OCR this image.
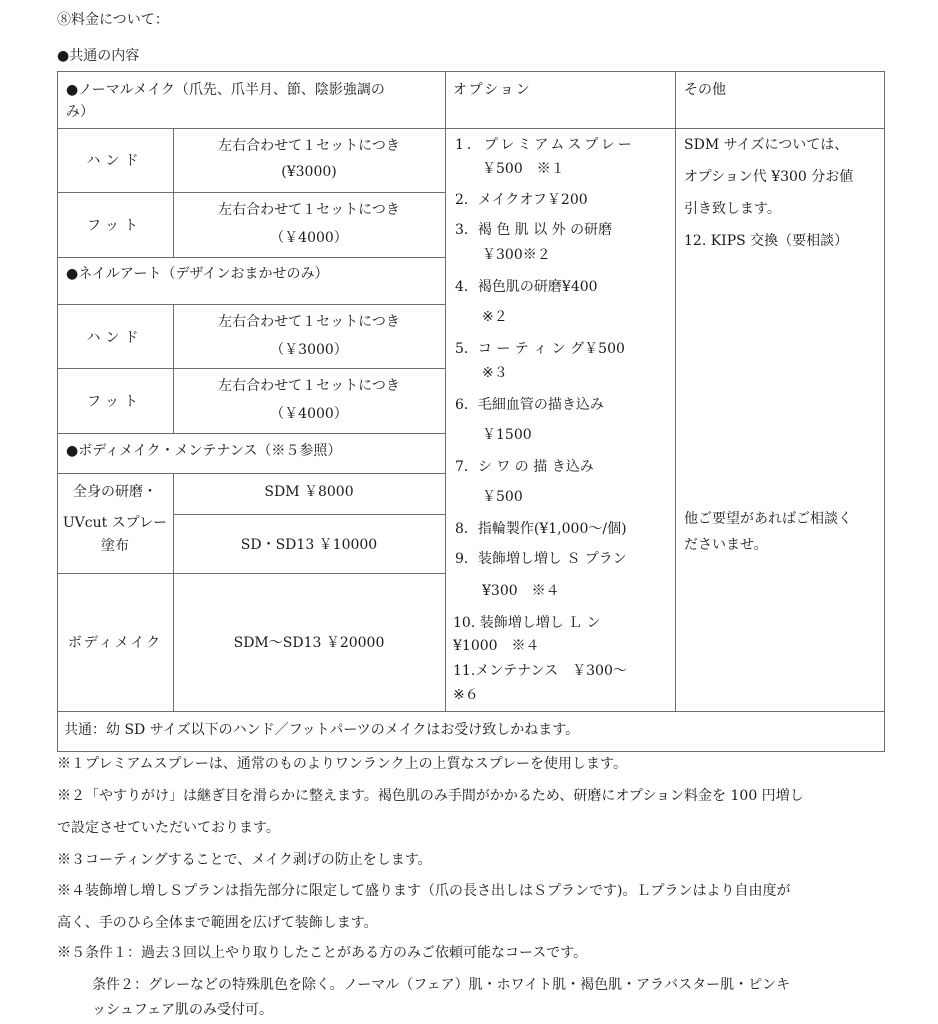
⑧料金について：
●共通の内容
●ノーマルメイク（爪先、爪半月、節、陰影強調の
み）
オプション	その他
ハンド
左右合わせて１セットにつき
(¥3000)
フット
左右合わせて１セットにつき
（￥4000）
●ネイルアート（デザインおまかせのみ）
ハンド
左右合わせて１セットにつき
（￥3000）
フット
左右合わせて１セットにつき
（￥4000）
●ボディメイク・メンテナンス（※５参照）
全身の研磨・
UVcut スプレー
塗布
SDM ￥8000
SD・SD13 ￥10000
ボディメイク	SDM〜SD13 ￥20000
1．プレミアムスプレー
￥500　※１
2．メイクオフ￥200
3．褐 色 肌 以 外 の研磨
￥300※２
4．褐色肌の研磨¥400
※２
5．コ ー テ ィ ン グ￥500
※３
6．毛細血管の描き込み
￥1500
7．シ ワ の 描 き込み
￥500
8．指輪製作(¥1,000〜/個)
9．装飾増し増し Ｓ プラン
¥300　※４
10. 装飾増し増し Ｌ ン
¥1000　※４
11.メンテナンス　￥300〜
※６
SDM サイズについては、
オプション代 ¥300 分お値
引き致します。
12. KIPS 交換（要相談）
他ご要望があればご相談く
ださいませ。
共通：幼 SD サイズ以下のハンド／フットパーツのメイクはお受け致しかねます。
※１プレミアムスプレーは、通常のものよりワンランク上の上質なスプレーを使用します。
※２「やすりがけ」は継ぎ目を滑らかに整えます。褐色肌のみ手間がかかるため、研磨にオプション料金を 100 円増し
で設定させていただいております。
※３コーティングすることで、メイク剥げの防止をします。
※４装飾増し増しＳプランは指先部分に限定して盛ります（爪の長さ出しはＳプランです)。Ｌプランはより自由度が
高く、手のひら全体まで範囲を広げて装飾します。
※５条件１：過去３回以上やり取りしたことがある方のみご依頼可能なコースです。
条件２：グレーなどの特殊肌色を除く。ノーマル（フェア）肌・ホワイト肌・褐色肌・アラバスター肌・ピンキ
ッシュフェア肌のみ受付可。
